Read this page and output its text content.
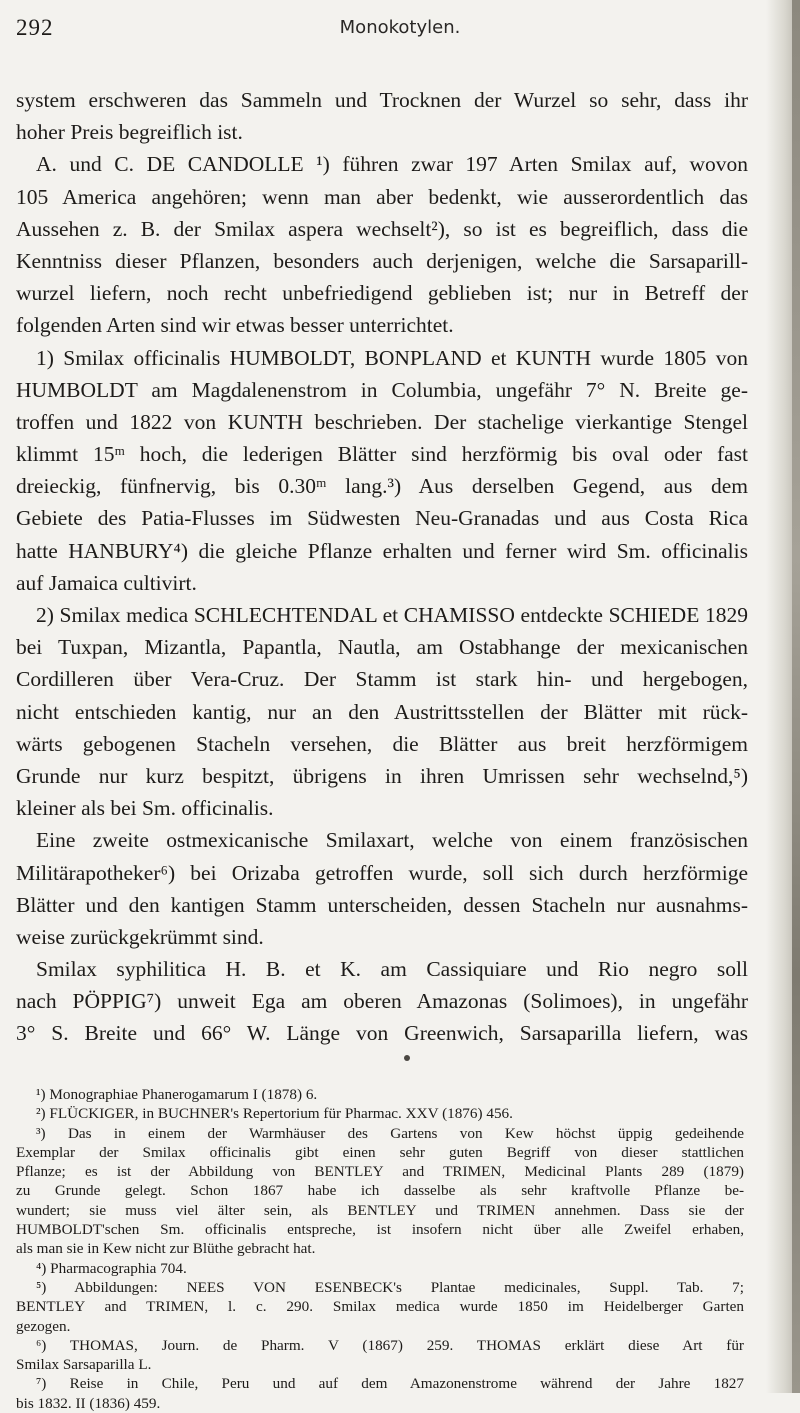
292	Monokotylen.
system erschweren das Sammeln und Trocknen der Wurzel so sehr, dass ihr
hoher Preis begreiflich ist.
A. und C. DE CANDOLLE ¹) führen zwar 197 Arten Smilax auf, wovon
105 America angehören; wenn man aber bedenkt, wie ausserordentlich das
Aussehen z. B. der Smilax aspera wechselt²), so ist es begreiflich, dass die
Kenntniss dieser Pflanzen, besonders auch derjenigen, welche die Sarsaparill-
wurzel liefern, noch recht unbefriedigend geblieben ist; nur in Betreff der
folgenden Arten sind wir etwas besser unterrichtet.
1) Smilax officinalis HUMBOLDT, BONPLAND et KUNTH wurde 1805 von
HUMBOLDT am Magdalenenstrom in Columbia, ungefähr 7° N. Breite ge-
troffen und 1822 von KUNTH beschrieben. Der stachelige vierkantige Stengel
klimmt 15ᵐ hoch, die lederigen Blätter sind herzförmig bis oval oder fast
dreieckig, fünfnervig, bis 0.30ᵐ lang.³) Aus derselben Gegend, aus dem
Gebiete des Patia-Flusses im Südwesten Neu-Granadas und aus Costa Rica
hatte HANBURY⁴) die gleiche Pflanze erhalten und ferner wird Sm. officinalis
auf Jamaica cultivirt.
2) Smilax medica SCHLECHTENDAL et CHAMISSO entdeckte SCHIEDE 1829
bei Tuxpan, Mizantla, Papantla, Nautla, am Ostabhange der mexicanischen
Cordilleren über Vera-Cruz. Der Stamm ist stark hin- und hergebogen,
nicht entschieden kantig, nur an den Austrittsstellen der Blätter mit rück-
wärts gebogenen Stacheln versehen, die Blätter aus breit herzförmigem
Grunde nur kurz bespitzt, übrigens in ihren Umrissen sehr wechselnd,⁵)
kleiner als bei Sm. officinalis.
Eine zweite ostmexicanische Smilaxart, welche von einem französischen
Militärapotheker⁶) bei Orizaba getroffen wurde, soll sich durch herzförmige
Blätter und den kantigen Stamm unterscheiden, dessen Stacheln nur ausnahms-
weise zurückgekrümmt sind.
Smilax syphilitica H. B. et K. am Cassiquiare und Rio negro soll
nach PÖPPIG⁷) unweit Ega am oberen Amazonas (Solimoes), in ungefähr
3° S. Breite und 66° W. Länge von Greenwich, Sarsaparilla liefern, was
¹) Monographiae Phanerogamarum I (1878) 6.
²) FLÜCKIGER, in BUCHNER's Repertorium für Pharmac. XXV (1876) 456.
³) Das in einem der Warmhäuser des Gartens von Kew höchst üppig gedeihende
Exemplar der Smilax officinalis gibt einen sehr guten Begriff von dieser stattlichen
Pflanze; es ist der Abbildung von BENTLEY and TRIMEN, Medicinal Plants 289 (1879)
zu Grunde gelegt. Schon 1867 habe ich dasselbe als sehr kraftvolle Pflanze be-
wundert; sie muss viel älter sein, als BENTLEY und TRIMEN annehmen. Dass sie der
HUMBOLDT'schen Sm. officinalis entspreche, ist insofern nicht über alle Zweifel erhaben,
als man sie in Kew nicht zur Blüthe gebracht hat.
⁴) Pharmacographia 704.
⁵) Abbildungen: NEES VON ESENBECK's Plantae medicinales, Suppl. Tab. 7;
BENTLEY and TRIMEN, l. c. 290. Smilax medica wurde 1850 im Heidelberger Garten
gezogen.
⁶) THOMAS, Journ. de Pharm. V (1867) 259. THOMAS erklärt diese Art für
Smilax Sarsaparilla L.
⁷) Reise in Chile, Peru und auf dem Amazonenstrome während der Jahre 1827
bis 1832. II (1836) 459.
